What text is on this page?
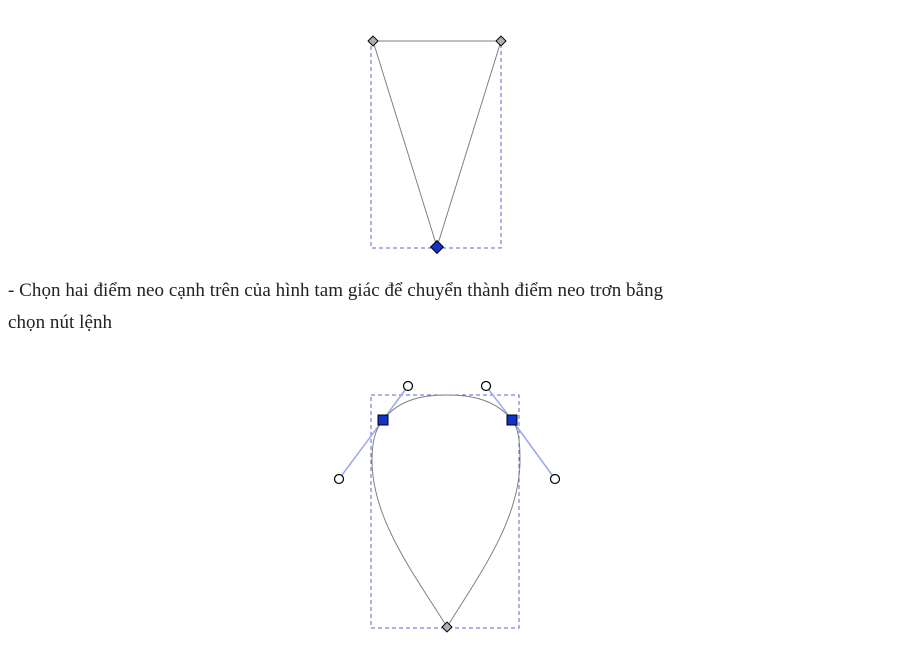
- Chọn hai điểm neo cạnh trên của hình tam giác để chuyển thành điểm neo trơn bằng
chọn nút lệnh
